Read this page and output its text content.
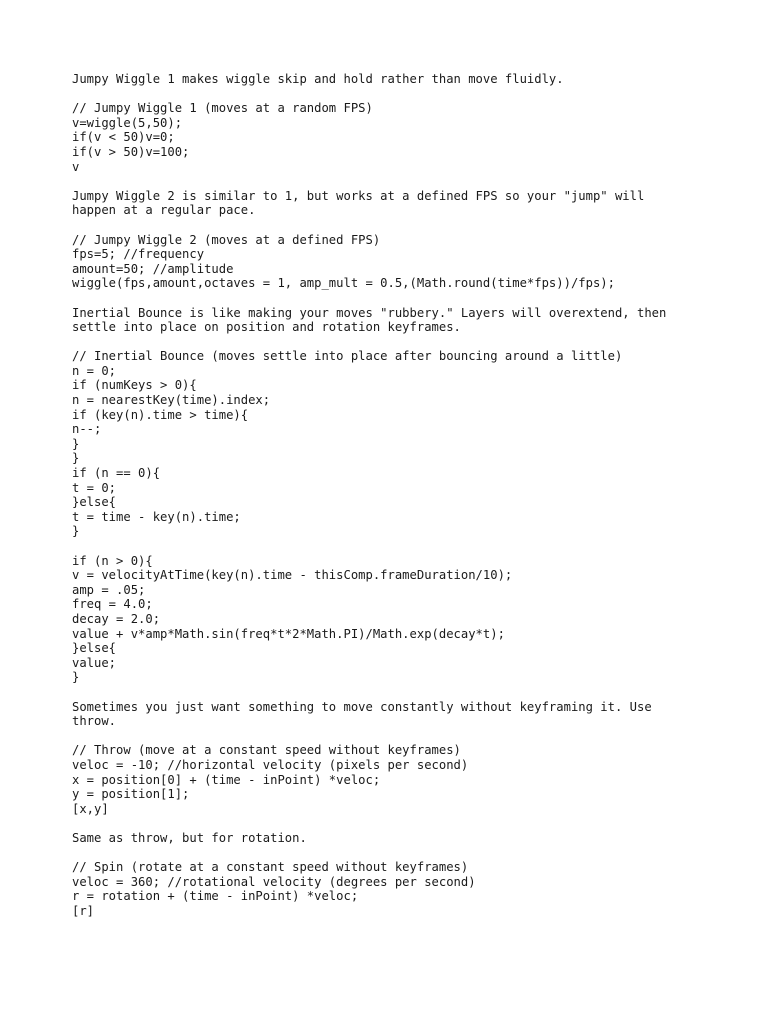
Jumpy Wiggle 1 makes wiggle skip and hold rather than move fluidly.
// Jumpy Wiggle 1 (moves at a random FPS)
v=wiggle(5,50);
if(v < 50)v=0;
if(v > 50)v=100;
v
Jumpy Wiggle 2 is similar to 1, but works at a defined FPS so your "jump" will
happen at a regular pace.
// Jumpy Wiggle 2 (moves at a defined FPS)
fps=5; //frequency
amount=50; //amplitude
wiggle(fps,amount,octaves = 1, amp_mult = 0.5,(Math.round(time*fps))/fps);
Inertial Bounce is like making your moves "rubbery." Layers will overextend, then
settle into place on position and rotation keyframes.
// Inertial Bounce (moves settle into place after bouncing around a little)
n = 0;
if (numKeys > 0){
n = nearestKey(time).index;
if (key(n).time > time){
n--;
}
}
if (n == 0){
t = 0;
}else{
t = time - key(n).time;
}
if (n > 0){
v = velocityAtTime(key(n).time - thisComp.frameDuration/10);
amp = .05;
freq = 4.0;
decay = 2.0;
value + v*amp*Math.sin(freq*t*2*Math.PI)/Math.exp(decay*t);
}else{
value;
}
Sometimes you just want something to move constantly without keyframing it. Use
throw.
// Throw (move at a constant speed without keyframes)
veloc = -10; //horizontal velocity (pixels per second)
x = position[0] + (time - inPoint) *veloc;
y = position[1];
[x,y]
Same as throw, but for rotation.
// Spin (rotate at a constant speed without keyframes)
veloc = 360; //rotational velocity (degrees per second)
r = rotation + (time - inPoint) *veloc;
[r]
